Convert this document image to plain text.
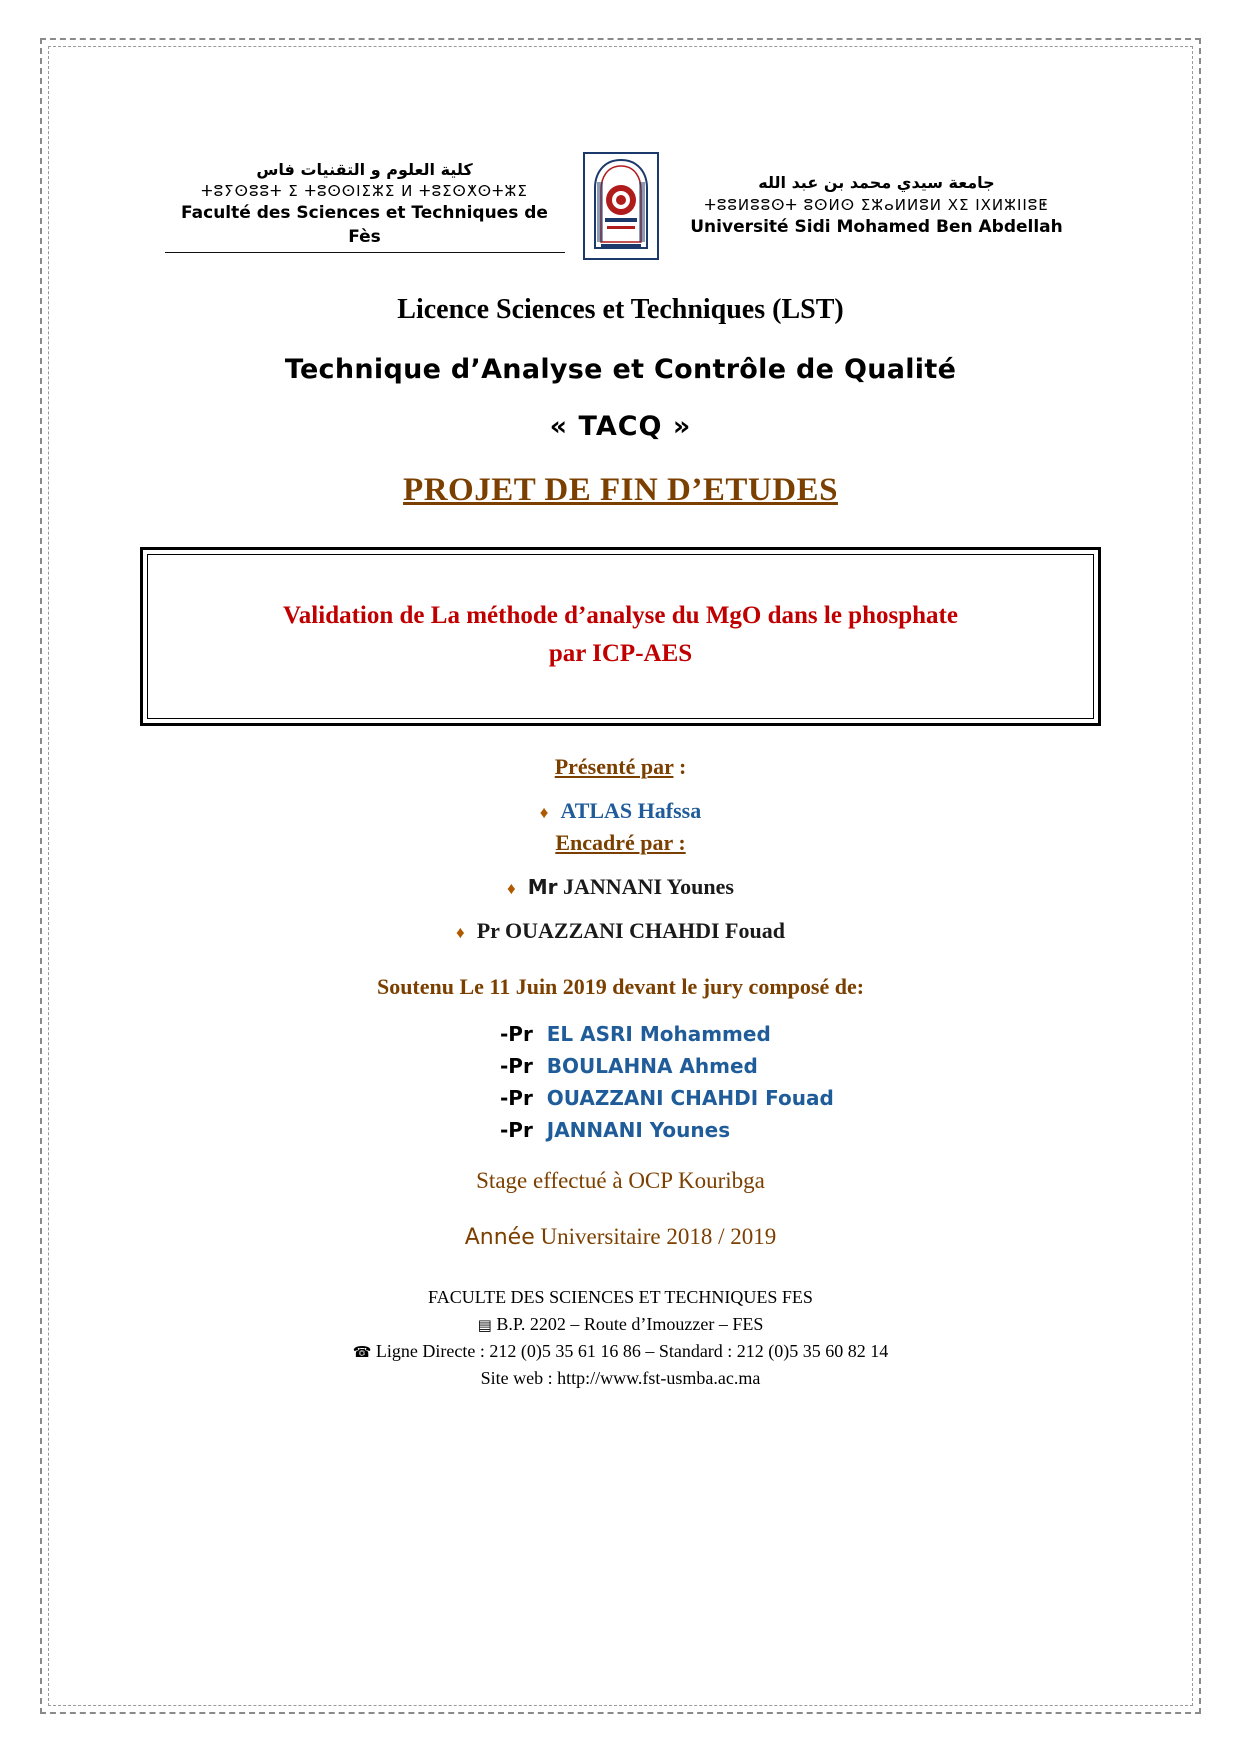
كلية العلوم و التقنيات فاس
ⵜⵓⵢⵙⵓⵓⵜ ⵉ ⵜⵓⵙⵙⵏⵉⵣⵉ ⵍ ⵜⵓⵉⵙⵅⵙⵜⵣⵉ
Faculté des Sciences et Techniques de Fès
جامعة سيدي محمد بن عبد الله
ⵜⵓⵓⵍⵓⵓⵙⵜ ⵓⵙⵍⵙ ⵉⵣⴰⵍⵍⵓⵍ ⵝⵉ ⵏⵝⵍⵣⵏⵏⵓⵟ
Université Sidi Mohamed Ben Abdellah
Licence Sciences et Techniques (LST)
Technique d’Analyse et Contrôle de Qualité
« TACQ »
PROJET DE FIN D’ETUDES
Validation de La méthode d’analyse du MgO dans le phosphate
par ICP-AES
Présenté par :
♦ ATLAS Hafssa
Encadré par :
♦ Mr JANNANI Younes
♦ Pr OUAZZANI CHAHDI Fouad
Soutenu Le 11 Juin 2019 devant le jury composé de:
-Pr EL ASRI Mohammed
-Pr BOULAHNA Ahmed
-Pr OUAZZANI CHAHDI Fouad
-Pr JANNANI Younes
Stage effectué à OCP Kouribga
Année Universitaire 2018 / 2019
FACULTE DES SCIENCES ET TECHNIQUES FES
▤ B.P. 2202 – Route d’Imouzzer – FES
☎ Ligne Directe : 212 (0)5 35 61 16 86 – Standard : 212 (0)5 35 60 82 14
Site web : http://www.fst-usmba.ac.ma
